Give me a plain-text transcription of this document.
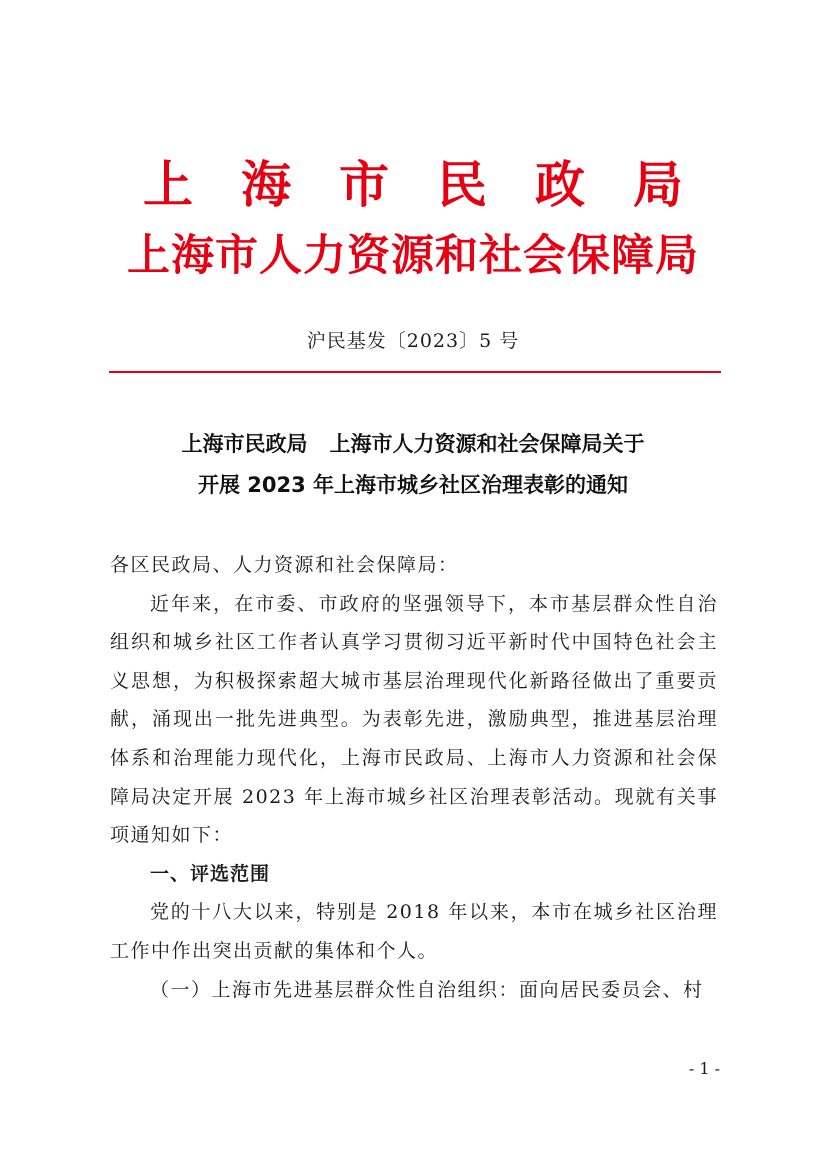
上海市民政局
上海市人力资源和社会保障局
沪民基发〔2023〕5 号
上海市民政局 上海市人力资源和社会保障局关于
开展 2023 年上海市城乡社区治理表彰的通知

各区民政局、人力资源和社会保障局：

近年来，在市委、市政府的坚强领导下，本市基层群众性自治组织和城乡社区工作者认真学习贯彻习近平新时代中国特色社会主义思想，为积极探索超大城市基层治理现代化新路径做出了重要贡献，涌现出一批先进典型。为表彰先进，激励典型，推进基层治理体系和治理能力现代化，上海市民政局、上海市人力资源和社会保障局决定开展 2023 年上海市城乡社区治理表彰活动。现就有关事项通知如下：

一、评选范围

党的十八大以来，特别是 2018 年以来，本市在城乡社区治理工作中作出突出贡献的集体和个人。

（一）上海市先进基层群众性自治组织：面向居民委员会、村

- 1 -
